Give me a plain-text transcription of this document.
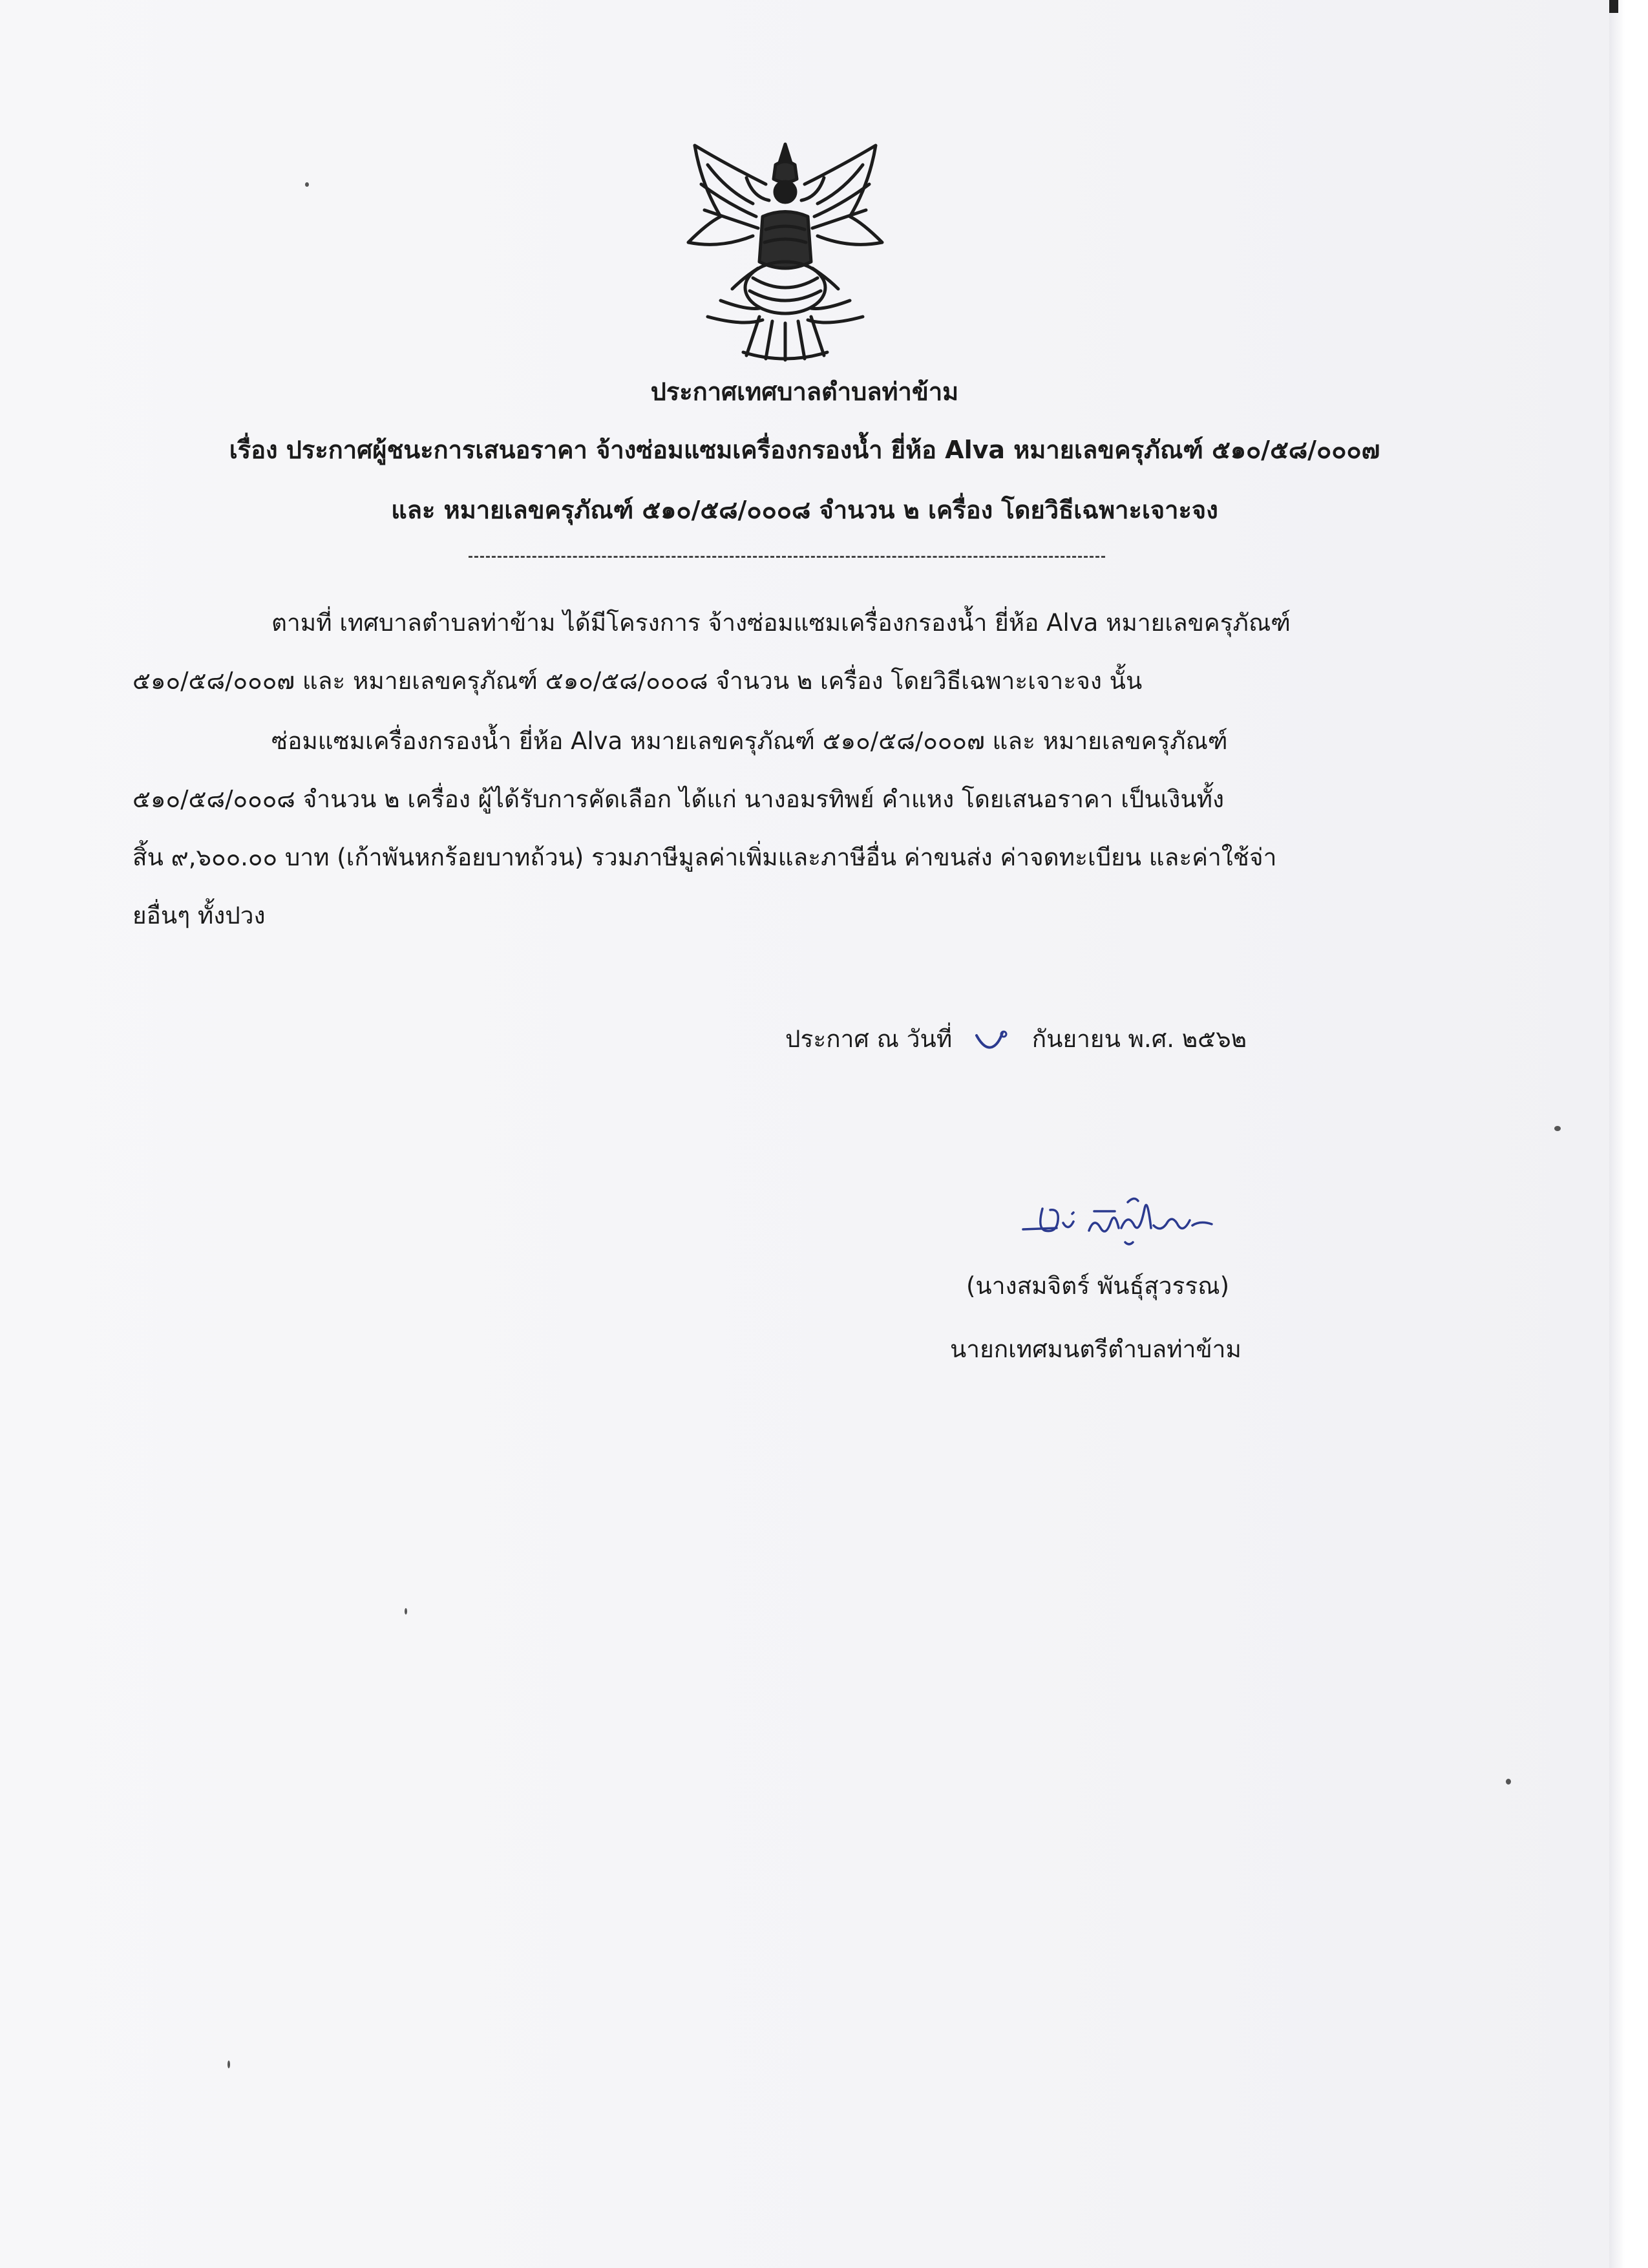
ประกาศเทศบาลตำบลท่าข้าม
เรื่อง ประกาศผู้ชนะการเสนอราคา จ้างซ่อมแซมเครื่องกรองน้ำ ยี่ห้อ Alva หมายเลขครุภัณฑ์ ๕๑๐/๕๘/๐๐๐๗
และ หมายเลขครุภัณฑ์ ๕๑๐/๕๘/๐๐๐๘ จำนวน ๒ เครื่อง โดยวิธีเฉพาะเจาะจง
ตามที่ เทศบาลตำบลท่าข้าม ได้มีโครงการ จ้างซ่อมแซมเครื่องกรองน้ำ ยี่ห้อ Alva หมายเลขครุภัณฑ์
๕๑๐/๕๘/๐๐๐๗ และ หมายเลขครุภัณฑ์ ๕๑๐/๕๘/๐๐๐๘ จำนวน ๒ เครื่อง โดยวิธีเฉพาะเจาะจง นั้น
ซ่อมแซมเครื่องกรองน้ำ ยี่ห้อ Alva หมายเลขครุภัณฑ์ ๕๑๐/๕๘/๐๐๐๗ และ หมายเลขครุภัณฑ์
๕๑๐/๕๘/๐๐๐๘ จำนวน ๒ เครื่อง ผู้ได้รับการคัดเลือก ได้แก่ นางอมรทิพย์ คำแหง โดยเสนอราคา เป็นเงินทั้ง
สิ้น ๙,๖๐๐.๐๐ บาท (เก้าพันหกร้อยบาทถ้วน) รวมภาษีมูลค่าเพิ่มและภาษีอื่น ค่าขนส่ง ค่าจดทะเบียน และค่าใช้จ่า
ยอื่นๆ ทั้งปวง
ประกาศ ณ วันที่	กันยายน พ.ศ. ๒๕๖๒
(นางสมจิตร์ พันธุ์สุวรรณ)
นายกเทศมนตรีตำบลท่าข้าม
